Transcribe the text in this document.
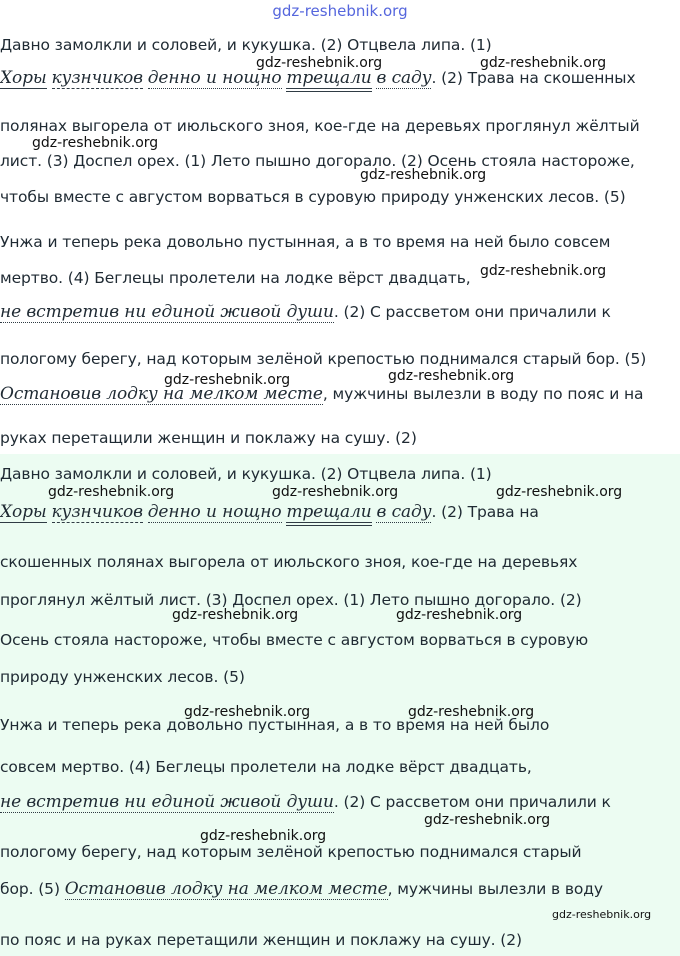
gdz-reshebnik.org
Давно замолкли и соловей, и кукушка. (2) Отцвела липа. (1)
Хоры кузнчиков денно и нощно трещали в саду. (2) Трава на скошенных
полянах выгорела от июльского зноя, кое-где на деревьях проглянул жёлтый
лист. (3) Доспел орех. (1) Лето пышно догорало. (2) Осень стояла настороже,
чтобы вместе с августом ворваться в суровую природу унженских лесов. (5)
Унжа и теперь река довольно пустынная, а в то время на ней было совсем
мертво. (4) Беглецы пролетели на лодке вёрст двадцать,
не встретив ни единой живой души. (2) С рассветом они причалили к
пологому берегу, над которым зелёной крепостью поднимался старый бор. (5)
Остановив лодку на мелком месте, мужчины вылезли в воду по пояс и на
руках перетащили женщин и поклажу на сушу. (2)
Давно замолкли и соловей, и кукушка. (2) Отцвела липа. (1)
Хоры кузнчиков денно и нощно трещали в саду. (2) Трава на
скошенных полянах выгорела от июльского зноя, кое-где на деревьях
проглянул жёлтый лист. (3) Доспел орех. (1) Лето пышно догорало. (2)
Осень стояла настороже, чтобы вместе с августом ворваться в суровую
природу унженских лесов. (5)
Унжа и теперь река довольно пустынная, а в то время на ней было
совсем мертво. (4) Беглецы пролетели на лодке вёрст двадцать,
не встретив ни единой живой души. (2) С рассветом они причалили к
пологому берегу, над которым зелёной крепостью поднимался старый
бор. (5) Остановив лодку на мелком месте, мужчины вылезли в воду
по пояс и на руках перетащили женщин и поклажу на сушу. (2)
gdz-reshebnik.org	gdz-reshebnik.org
gdz-reshebnik.org
gdz-reshebnik.org
gdz-reshebnik.org
gdz-reshebnik.org	gdz-reshebnik.org
gdz-reshebnik.org	gdz-reshebnik.org	gdz-reshebnik.org
gdz-reshebnik.org	gdz-reshebnik.org
gdz-reshebnik.org	gdz-reshebnik.org
gdz-reshebnik.org
gdz-reshebnik.org
gdz-reshebnik.org
